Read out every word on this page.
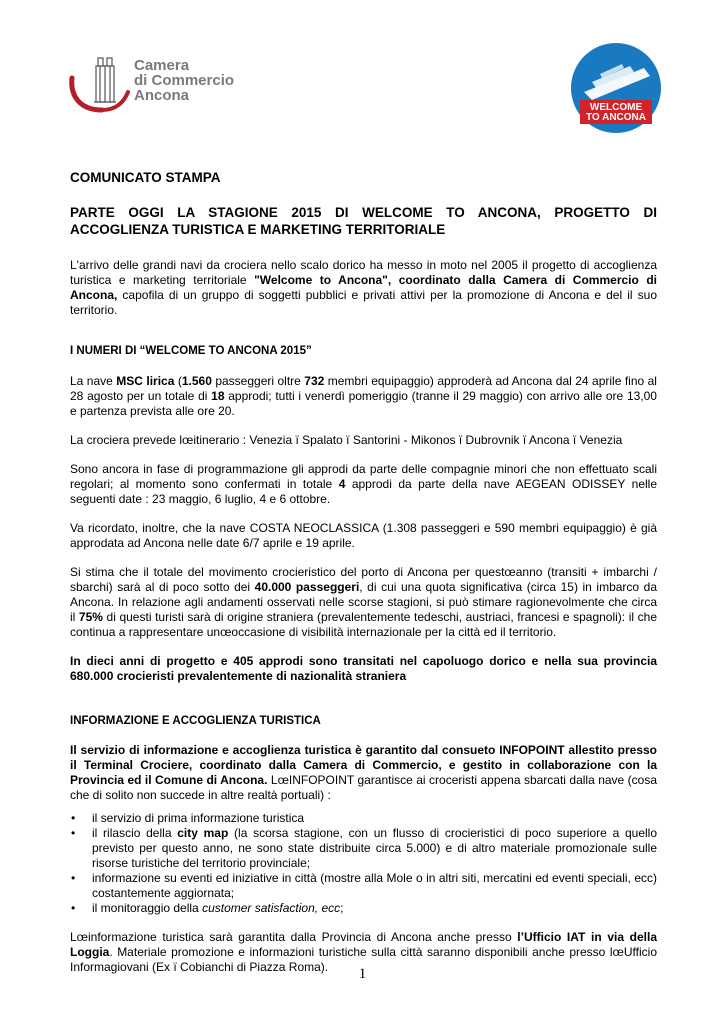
Camera
di Commercio
Ancona
WELCOME
TO ANCONA
COMUNICATO STAMPA
PARTE OGGI LA STAGIONE 2015 DI WELCOME TO ANCONA, PROGETTO DI ACCOGLIENZA TURISTICA E MARKETING TERRITORIALE

L'arrivo delle grandi navi da crociera nello scalo dorico ha messo in moto nel 2005 il progetto di accoglienza turistica e marketing territoriale "Welcome to Ancona", coordinato dalla Camera di Commercio di Ancona, capofila di un gruppo di soggetti pubblici e privati attivi per la promozione di Ancona e del il suo territorio.

I NUMERI DI “WELCOME TO ANCONA 2015”

La nave MSC lirica (1.560 passeggeri oltre 732 membri equipaggio) approderà ad Ancona dal 24 aprile fino al 28 agosto per un totale di 18 approdi; tutti i venerdì pomeriggio (tranne il 29 maggio) con arrivo alle ore 13,00 e partenza prevista alle ore 20.

La crociera prevede lœitinerario : Venezia ï Spalato ï Santorini - Mikonos ï Dubrovnik ï Ancona ï Venezia

Sono ancora in fase di programmazione gli approdi da parte delle compagnie minori che non effettuato scali regolari; al momento sono confermati in totale 4 approdi da parte della nave AEGEAN ODISSEY nelle seguenti date : 23 maggio, 6 luglio, 4 e 6 ottobre.

Va ricordato, inoltre, che la nave COSTA NEOCLASSICA (1.308 passeggeri e 590 membri equipaggio) è già approdata ad Ancona nelle date 6/7 aprile e 19 aprile.

Si stima che il totale del movimento crocieristico del porto di Ancona per questœanno (transiti + imbarchi / sbarchi) sarà al di poco sotto dei 40.000 passeggeri, di cui una quota significativa (circa 15) in imbarco da Ancona. In relazione agli andamenti osservati nelle scorse stagioni, si può stimare ragionevolmente che circa il 75% di questi turisti sarà di origine straniera (prevalentemente tedeschi, austriaci, francesi e spagnoli): il che continua a rappresentare unœoccasione di visibilità internazionale per la città ed il territorio.

In dieci anni di progetto e 405 approdi sono transitati nel capoluogo dorico e nella sua provincia 680.000 crocieristi prevalentemente di nazionalità straniera

INFORMAZIONE E ACCOGLIENZA TURISTICA

Il servizio di informazione e accoglienza turistica è garantito dal consueto INFOPOINT allestito presso il Terminal Crociere, coordinato dalla Camera di Commercio, e gestito in collaborazione con la Provincia ed il Comune di Ancona. LœINFOPOINT garantisce ai croceristi appena sbarcati dalla nave (cosa che di solito non succede in altre realtà portuali) :

• il servizio di prima informazione turistica
• il rilascio della city map (la scorsa stagione, con un flusso di crocieristici di poco superiore a quello previsto per questo anno, ne sono state distribuite circa 5.000) e di altro materiale promozionale sulle risorse turistiche del territorio provinciale;
• informazione su eventi ed iniziative in città (mostre alla Mole o in altri siti, mercatini ed eventi speciali, ecc) costantemente aggiornata;
• il monitoraggio della customer satisfaction, ecc;

Lœinformazione turistica sarà garantita dalla Provincia di Ancona anche presso l’Ufficio IAT in via della Loggia. Materiale promozione e informazioni turistiche sulla città saranno disponibili anche presso lœUfficio Informagiovani (Ex ï Cobianchi di Piazza Roma).	1
